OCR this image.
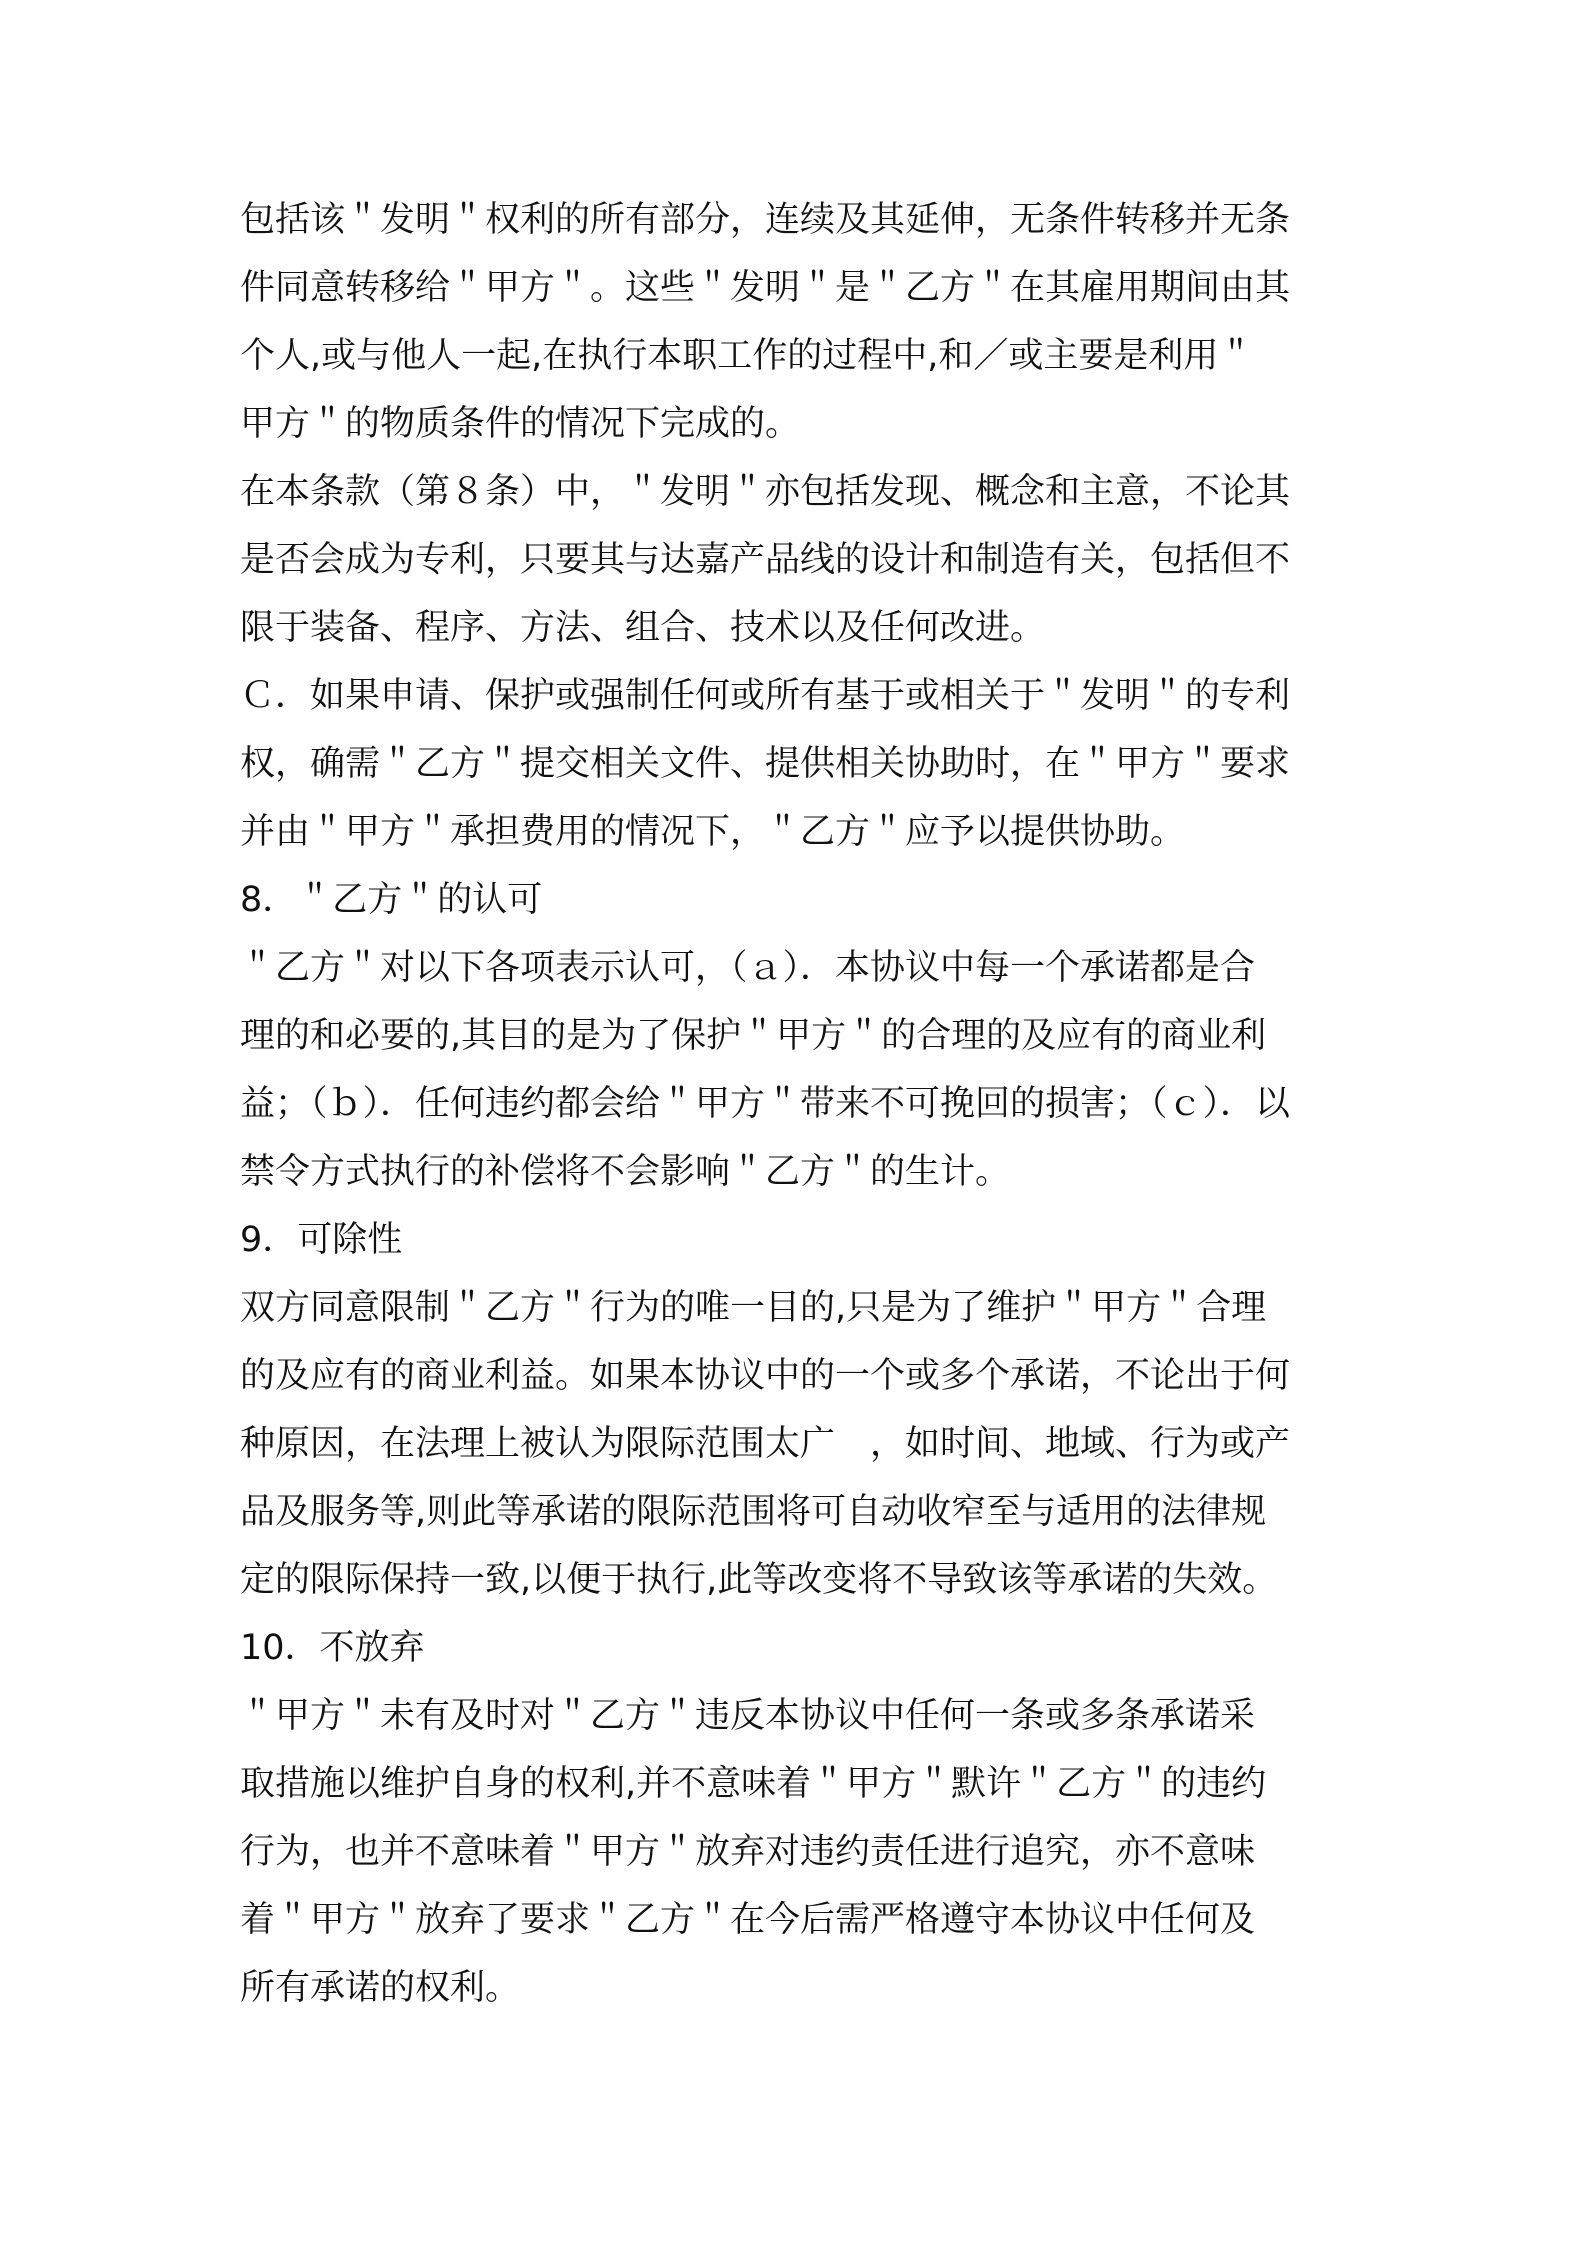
包括该＂发明＂权利的所有部分，连续及其延伸，无条件转移并无条
件同意转移给＂甲方＂。这些＂发明＂是＂乙方＂在其雇用期间由其
个人,或与他人一起,在执行本职工作的过程中,和／或主要是利用＂
甲方＂的物质条件的情况下完成的。
在本条款（第８条）中，＂发明＂亦包括发现、概念和主意，不论其
是否会成为专利，只要其与达嘉产品线的设计和制造有关，包括但不
限于装备、程序、方法、组合、技术以及任何改进。
Ｃ．如果申请、保护或强制任何或所有基于或相关于＂发明＂的专利
权，确需＂乙方＂提交相关文件、提供相关协助时，在＂甲方＂要求
并由＂甲方＂承担费用的情况下，＂乙方＂应予以提供协助。
8．＂乙方＂的认可
＂乙方＂对以下各项表示认可，（ａ）．本协议中每一个承诺都是合
理的和必要的,其目的是为了保护＂甲方＂的合理的及应有的商业利
益；（ｂ）．任何违约都会给＂甲方＂带来不可挽回的损害；（ｃ）．以
禁令方式执行的补偿将不会影响＂乙方＂的生计。
9．可除性
双方同意限制＂乙方＂行为的唯一目的,只是为了维护＂甲方＂合理
的及应有的商业利益。如果本协议中的一个或多个承诺，不论出于何
种原因，在法理上被认为限际范围太广　，如时间、地域、行为或产
品及服务等,则此等承诺的限际范围将可自动收窄至与适用的法律规
定的限际保持一致,以便于执行,此等改变将不导致该等承诺的失效。
10．不放弃
＂甲方＂未有及时对＂乙方＂违反本协议中任何一条或多条承诺采
取措施以维护自身的权利,并不意味着＂甲方＂默许＂乙方＂的违约
行为，也并不意味着＂甲方＂放弃对违约责任进行追究，亦不意味
着＂甲方＂放弃了要求＂乙方＂在今后需严格遵守本协议中任何及
所有承诺的权利。
